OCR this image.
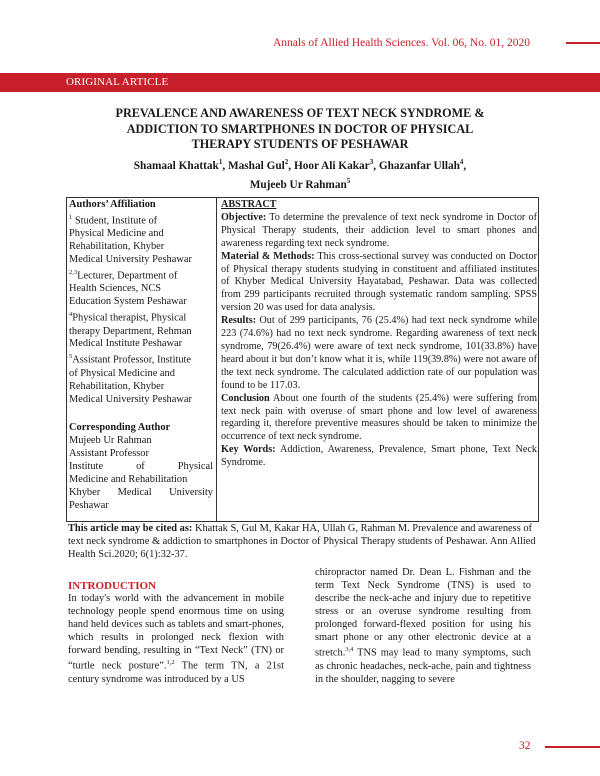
Annals of Allied Health Sciences. Vol. 06, No. 01, 2020
ORIGINAL ARTICLE
PREVALENCE AND AWARENESS OF TEXT NECK SYNDROME &
ADDICTION TO SMARTPHONES IN DOCTOR OF PHYSICAL
THERAPY STUDENTS OF PESHAWAR
Shamaal Khattak$^1$, Mashal Gul$^2$, Hoor Ali Kakar$^3$, Ghazanfar Ullah$^4$,
Mujeeb Ur Rahman$^5$
Authors’ Affiliation
$^1$ Student, Institute of
Physical Medicine and
Rehabilitation, Khyber
Medical University Peshawar
$^{2,3}$Lecturer, Department of
Health Sciences, NCS
Education System Peshawar
$^4$Physical therapist, Physical
therapy Department, Rehman
Medical Institute Peshawar
$^5$Assistant Professor, Institute
of Physical Medicine and
Rehabilitation, Khyber
Medical University Peshawar
Corresponding Author
Mujeeb Ur Rahman
Assistant Professor
Institute of Physical
Medicine and Rehabilitation
Khyber Medical University
Peshawar
ABSTRACT
Objective: To determine the prevalence of text neck syndrome in Doctor of Physical Therapy students, their addiction level to smart phones and awareness regarding text neck syndrome.
Material & Methods: This cross-sectional survey was conducted on Doctor of Physical therapy students studying in constituent and affiliated institutes of Khyber Medical University Hayatabad, Peshawar. Data was collected from 299 participants recruited through systematic random sampling. SPSS version 20 was used for data analysis.
Results: Out of 299 participants, 76 (25.4%) had text neck syndrome while 223 (74.6%) had no text neck syndrome. Regarding awareness of text neck syndrome, 79(26.4%) were aware of text neck syndrome, 101(33.8%) have heard about it but don’t know what it is, while 119(39.8%) were not aware of the text neck syndrome. The calculated addiction rate of our population was found to be 117.03.
Conclusion About one fourth of the students (25.4%) were suffering from text neck pain with overuse of smart phone and low level of awareness regarding it, therefore preventive measures should be taken to minimize the occurrence of text neck syndrome.
Key Words: Addiction, Awareness, Prevalence, Smart phone, Text Neck Syndrome.
This article may be cited as: Khattak S, Gul M, Kakar HA, Ullah G, Rahman M. Prevalence and awareness of text neck syndrome & addiction to smartphones in Doctor of Physical Therapy students of Peshawar. Ann Allied Health Sci.2020; 6(1):32-37.
INTRODUCTION
In today's world with the advancement in mobile technology people spend enormous time on using hand held devices such as tablets and smart-phones, which results in prolonged neck flexion with forward bending, resulting in “Text Neck” (TN) or “turtle neck posture”.$^{1,2}$ The term TN, a 21st century syndrome was introduced by a US
chiropractor named Dr. Dean L. Fishman and the term Text Neck Syndrome (TNS) is used to describe the neck-ache and injury due to repetitive stress or an overuse syndrome resulting from prolonged forward-flexed position for using his smart phone or any other electronic device at a stretch.$^{3,4}$ TNS may lead to many symptoms, such as chronic headaches, neck-ache, pain and tightness in the shoulder, nagging to severe
32
